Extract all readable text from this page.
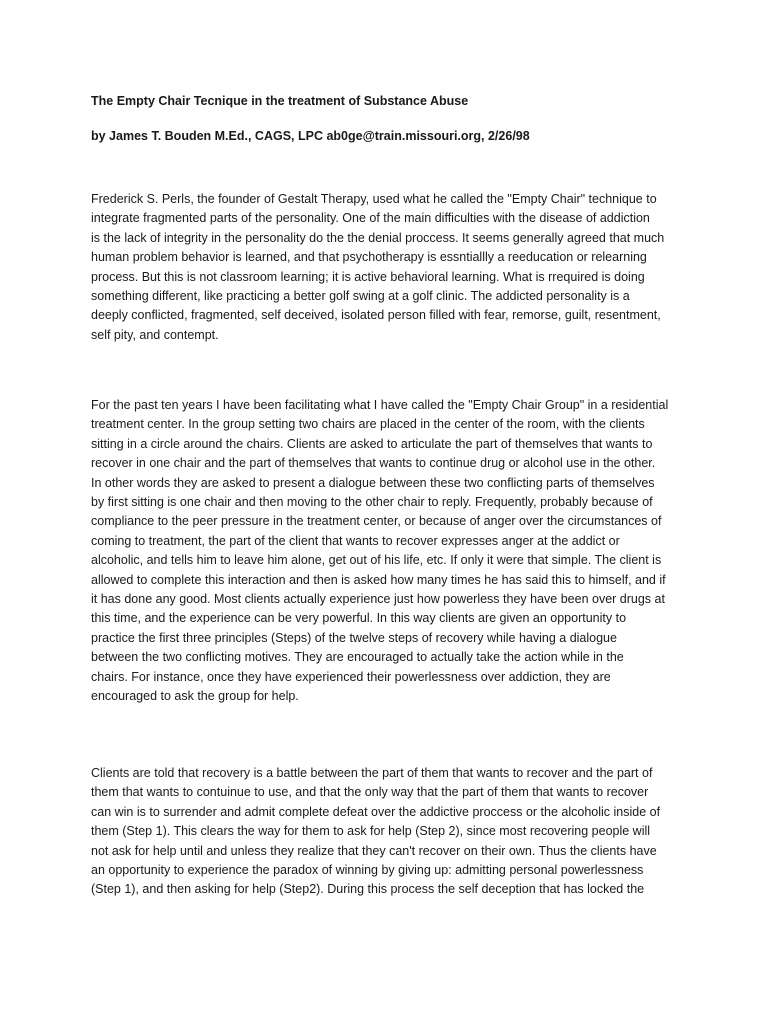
The Empty Chair Tecnique in the treatment of Substance Abuse
by James T. Bouden M.Ed., CAGS, LPC ab0ge@train.missouri.org, 2/26/98
Frederick S. Perls, the founder of Gestalt Therapy, used what he called the "Empty Chair" technique to
integrate fragmented parts of the personality. One of the main difficulties with the disease of addiction
is the lack of integrity in the personality do the the denial proccess. It seems generally agreed that much
human problem behavior is learned, and that psychotherapy is essntiallly a reeducation or relearning
process. But this is not classroom learning; it is active behavioral learning. What is rrequired is doing
something different, like practicing a better golf swing at a golf clinic. The addicted personality is a
deeply conflicted, fragmented, self deceived, isolated person filled with fear, remorse, guilt, resentment,
self pity, and contempt.
For the past ten years I have been facilitating what I have called the "Empty Chair Group" in a residential
treatment center. In the group setting two chairs are placed in the center of the room, with the clients
sitting in a circle around the chairs. Clients are asked to articulate the part of themselves that wants to
recover in one chair and the part of themselves that wants to continue drug or alcohol use in the other.
In other words they are asked to present a dialogue between these two conflicting parts of themselves
by first sitting is one chair and then moving to the other chair to reply. Frequently, probably because of
compliance to the peer pressure in the treatment center, or because of anger over the circumstances of
coming to treatment, the part of the client that wants to recover expresses anger at the addict or
alcoholic, and tells him to leave him alone, get out of his life, etc. If only it were that simple. The client is
allowed to complete this interaction and then is asked how many times he has said this to himself, and if
it has done any good. Most clients actually experience just how powerless they have been over drugs at
this time, and the experience can be very powerful. In this way clients are given an opportunity to
practice the first three principles (Steps) of the twelve steps of recovery while having a dialogue
between the two conflicting motives. They are encouraged to actually take the action while in the
chairs. For instance, once they have experienced their powerlessness over addiction, they are
encouraged to ask the group for help.
Clients are told that recovery is a battle between the part of them that wants to recover and the part of
them that wants to contuinue to use, and that the only way that the part of them that wants to recover
can win is to surrender and admit complete defeat over the addictive proccess or the alcoholic inside of
them (Step 1). This clears the way for them to ask for help (Step 2), since most recovering people will
not ask for help until and unless they realize that they can't recover on their own. Thus the clients have
an opportunity to experience the paradox of winning by giving up: admitting personal powerlessness
(Step 1), and then asking for help (Step2). During this process the self deception that has locked the
